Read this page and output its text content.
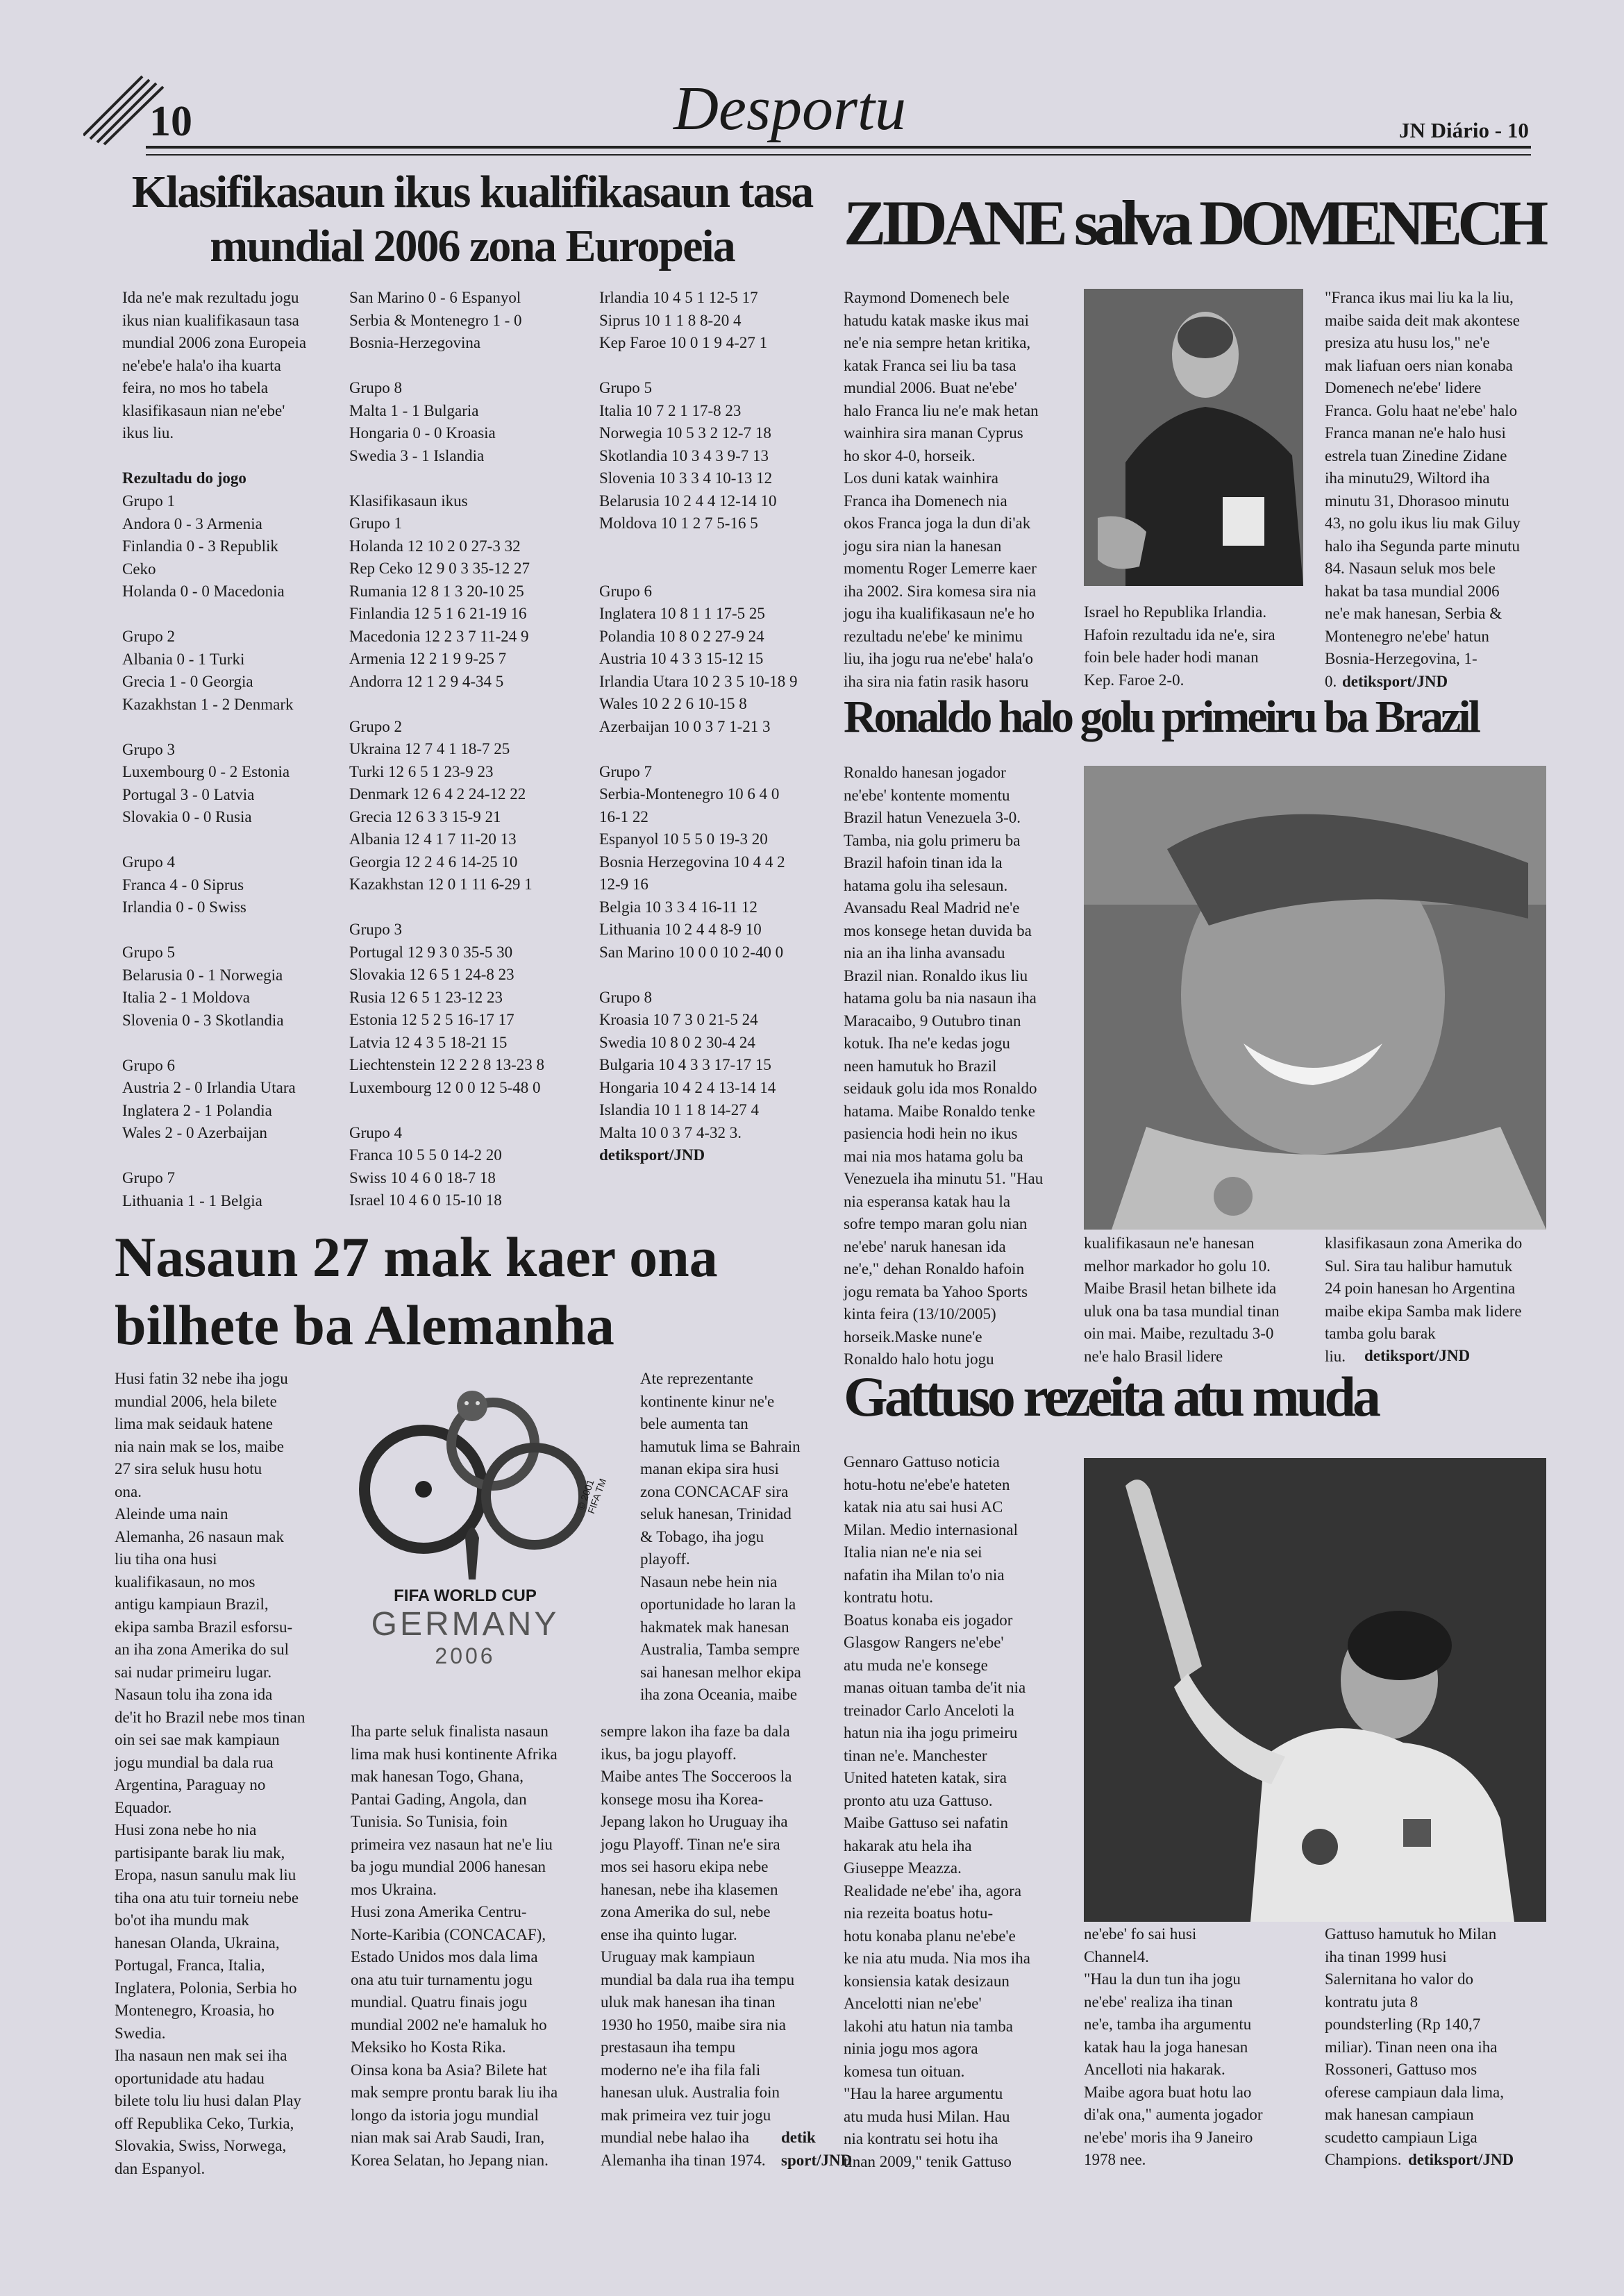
10	Desportu	JN Diário - 10
Klasifikasaun ikus kualifikasaun tasa
mundial 2006 zona Europeia
Ida ne'e mak rezultadu jogu
ikus nian kualifikasaun tasa
mundial 2006 zona Europeia
ne'ebe'e hala'o iha kuarta
feira, no mos ho tabela
klasifikasaun nian ne'ebe'
ikus liu.
Rezultadu do jogo
Grupo 1
Andora 0 - 3 Armenia
Finlandia 0 - 3 Republik
Ceko
Holanda 0 - 0 Macedonia

Grupo 2
Albania 0 - 1 Turki
Grecia 1 - 0 Georgia
Kazakhstan 1 - 2 Denmark

Grupo 3
Luxembourg 0 - 2 Estonia
Portugal 3 - 0 Latvia
Slovakia 0 - 0 Rusia

Grupo 4
Franca 4 - 0 Siprus
Irlandia 0 - 0 Swiss

Grupo 5
Belarusia 0 - 1 Norwegia
Italia 2 - 1 Moldova
Slovenia 0 - 3 Skotlandia

Grupo 6
Austria 2 - 0 Irlandia Utara
Inglatera 2 - 1 Polandia
Wales 2 - 0 Azerbaijan

Grupo 7
Lithuania 1 - 1 Belgia
San Marino 0 - 6 Espanyol
Serbia & Montenegro 1 - 0
Bosnia-Herzegovina

Grupo 8
Malta 1 - 1 Bulgaria
Hongaria 0 - 0 Kroasia
Swedia 3 - 1 Islandia

Klasifikasaun ikus
Grupo 1
Holanda 12 10 2 0 27-3 32
Rep Ceko 12 9 0 3 35-12 27
Rumania 12 8 1 3 20-10 25
Finlandia 12 5 1 6 21-19 16
Macedonia 12 2 3 7 11-24 9
Armenia 12 2 1 9 9-25 7
Andorra 12 1 2 9 4-34 5

Grupo 2
Ukraina 12 7 4 1 18-7 25
Turki 12 6 5 1 23-9 23
Denmark 12 6 4 2 24-12 22
Grecia 12 6 3 3 15-9 21
Albania 12 4 1 7 11-20 13
Georgia 12 2 4 6 14-25 10
Kazakhstan 12 0 1 11 6-29 1

Grupo 3
Portugal 12 9 3 0 35-5 30
Slovakia 12 6 5 1 24-8 23
Rusia 12 6 5 1 23-12 23
Estonia 12 5 2 5 16-17 17
Latvia 12 4 3 5 18-21 15
Liechtenstein 12 2 2 8 13-23 8
Luxembourg 12 0 0 12 5-48 0

Grupo 4
Franca 10 5 5 0 14-2 20
Swiss 10 4 6 0 18-7 18
Israel 10 4 6 0 15-10 18
Irlandia 10 4 5 1 12-5 17
Siprus 10 1 1 8 8-20 4
Kep Faroe 10 0 1 9 4-27 1

Grupo 5
Italia 10 7 2 1 17-8 23
Norwegia 10 5 3 2 12-7 18
Skotlandia 10 3 4 3 9-7 13
Slovenia 10 3 3 4 10-13 12
Belarusia 10 2 4 4 12-14 10
Moldova 10 1 2 7 5-16 5

Grupo 6
Inglatera 10 8 1 1 17-5 25
Polandia 10 8 0 2 27-9 24
Austria 10 4 3 3 15-12 15
Irlandia Utara 10 2 3 5 10-18 9
Wales 10 2 2 6 10-15 8
Azerbaijan 10 0 3 7 1-21 3

Grupo 7
Serbia-Montenegro 10 6 4 0
16-1 22
Espanyol 10 5 5 0 19-3 20
Bosnia Herzegovina 10 4 4 2
12-9 16
Belgia 10 3 3 4 16-11 12
Lithuania 10 2 4 4 8-9 10
San Marino 10 0 0 10 2-40 0

Grupo 8
Kroasia 10 7 3 0 21-5 24
Swedia 10 8 0 2 30-4 24
Bulgaria 10 4 3 3 17-17 15
Hongaria 10 4 2 4 13-14 14
Islandia 10 1 1 8 14-27 4
Malta 10 0 3 7 4-32 3.
detiksport/JND
ZIDANE salva DOMENECH
Raymond Domenech bele
hatudu katak maske ikus mai
ne'e nia sempre hetan kritika,
katak Franca sei liu ba tasa
mundial 2006. Buat ne'ebe'
halo Franca liu ne'e mak hetan
wainhira sira manan Cyprus
ho skor 4-0, horseik.
Los duni katak wainhira
Franca iha Domenech nia
okos Franca joga la dun di'ak
jogu sira nian la hanesan
momentu Roger Lemerre kaer
iha 2002. Sira komesa sira nia
jogu iha kualifikasaun ne'e ho
rezultadu ne'ebe' ke minimu
liu, iha jogu rua ne'ebe' hala'o
iha sira nia fatin rasik hasoru
Israel ho Republika Irlandia.
Hafoin rezultadu ida ne'e, sira
foin bele hader hodi manan
Kep. Faroe 2-0.
"Franca ikus mai liu ka la liu,
maibe saida deit mak akontese
presiza atu husu los," ne'e
mak liafuan oers nian konaba
Domenech ne'ebe' lidere
Franca. Golu haat ne'ebe' halo
Franca manan ne'e halo husi
estrela tuan Zinedine Zidane
iha minutu29, Wiltord iha
minutu 31, Dhorasoo minutu
43, no golu ikus liu mak Giluy
halo iha Segunda parte minutu
84. Nasaun seluk mos bele
hakat ba tasa mundial 2006
ne'e mak hanesan, Serbia &
Montenegro ne'ebe' hatun
Bosnia-Herzegovina, 1-
0. detiksport/JND
Ronaldo halo golu primeiru ba Brazil
Ronaldo hanesan jogador
ne'ebe' kontente momentu
Brazil hatun Venezuela 3-0.
Tamba, nia golu primeru ba
Brazil hafoin tinan ida la
hatama golu iha selesaun.
Avansadu Real Madrid ne'e
mos konsege hetan duvida ba
nia an iha linha avansadu
Brazil nian. Ronaldo ikus liu
hatama golu ba nia nasaun iha
Maracaibo, 9 Outubro tinan
kotuk. Iha ne'e kedas jogu
neen hamutuk ho Brazil
seidauk golu ida mos Ronaldo
hatama. Maibe Ronaldo tenke
pasiencia hodi hein no ikus
mai nia mos hatama golu ba
Venezuela iha minutu 51. "Hau
nia esperansa katak hau la
sofre tempo maran golu nian
ne'ebe' naruk hanesan ida
ne'e," dehan Ronaldo hafoin
jogu remata ba Yahoo Sports
kinta feira (13/10/2005)
horseik.Maske nune'e
Ronaldo halo hotu jogu
kualifikasaun ne'e hanesan
melhor markador ho golu 10.
Maibe Brasil hetan bilhete ida
uluk ona ba tasa mundial tinan
oin mai. Maibe, rezultadu 3-0
ne'e halo Brasil lidere
klasifikasaun zona Amerika do
Sul. Sira tau halibur hamutuk
24 poin hanesan ho Argentina
maibe ekipa Samba mak lidere
tamba golu barak
liu.	detiksport/JND
Nasaun 27 mak kaer ona
bilhete ba Alemanha
Husi fatin 32 nebe iha jogu
mundial 2006, hela bilete
lima mak seidauk hatene
nia nain mak se los, maibe
27 sira seluk husu hotu
ona.
Aleinde uma nain
Alemanha, 26 nasaun mak
liu tiha ona husi
kualifikasaun, no mos
antigu kampiaun Brazil,
ekipa samba Brazil esforsu-
an iha zona Amerika do sul
sai nudar primeiru lugar.
Nasaun tolu iha zona ida
de'it ho Brazil nebe mos tinan
oin sei sae mak kampiaun
jogu mundial ba dala rua
Argentina, Paraguay no
Equador.
Husi zona nebe ho nia
partisipante barak liu mak,
Eropa, nasun sanulu mak liu
tiha ona atu tuir torneiu nebe
bo'ot iha mundu mak
hanesan Olanda, Ukraina,
Portugal, Franca, Italia,
Inglatera, Polonia, Serbia ho
Montenegro, Kroasia, ho
Swedia.
Iha nasaun nen mak sei iha
oportunidade atu hadau
bilete tolu liu husi dalan Play
off Republika Ceko, Turkia,
Slovakia, Swiss, Norwega,
dan Espanyol.
© 2001 FIFA TM
FIFA WORLD CUP
GERMANY
2006
Iha parte seluk finalista nasaun
lima mak husi kontinente Afrika
mak hanesan Togo, Ghana,
Pantai Gading, Angola, dan
Tunisia. So Tunisia, foin
primeira vez nasaun hat ne'e liu
ba jogu mundial 2006 hanesan
mos Ukraina.
Husi zona Amerika Centru-
Norte-Karibia (CONCACAF),
Estado Unidos mos dala lima
ona atu tuir turnamentu jogu
mundial. Quatru finais jogu
mundial 2002 ne'e hamaluk ho
Meksiko ho Kosta Rika.
Oinsa kona ba Asia? Bilete hat
mak sempre prontu barak liu iha
longo da istoria jogu mundial
nian mak sai Arab Saudi, Iran,
Korea Selatan, ho Jepang nian.
Ate reprezentante
kontinente kinur ne'e
bele aumenta tan
hamutuk lima se Bahrain
manan ekipa sira husi
zona CONCACAF sira
seluk hanesan, Trinidad
& Tobago, iha jogu
playoff.
Nasaun nebe hein nia
oportunidade ho laran la
hakmatek mak hanesan
Australia, Tamba sempre
sai hanesan melhor ekipa
iha zona Oceania, maibe
sempre lakon iha faze ba dala
ikus, ba jogu playoff.
Maibe antes The Socceroos la
konsege mosu iha Korea-
Jepang lakon ho Uruguay iha
jogu Playoff. Tinan ne'e sira
mos sei hasoru ekipa nebe
hanesan, nebe iha klasemen
zona Amerika do sul, nebe
ense iha quinto lugar.
Uruguay mak kampiaun
mundial ba dala rua iha tempu
uluk mak hanesan iha tinan
1930 ho 1950, maibe sira nia
prestasaun iha tempu
moderno ne'e iha fila fali
hanesan uluk. Australia foin
mak primeira vez tuir jogu
mundial nebe halao iha
Alemanha iha tinan 1974.
detik
sport/JND
Gattuso rezeita atu muda
Gennaro Gattuso noticia
hotu-hotu ne'ebe'e hateten
katak nia atu sai husi AC
Milan. Medio internasional
Italia nian ne'e nia sei
nafatin iha Milan to'o nia
kontratu hotu.
Boatus konaba eis jogador
Glasgow Rangers ne'ebe'
atu muda ne'e konsege
manas oituan tamba de'it nia
treinador Carlo Anceloti la
hatun nia iha jogu primeiru
tinan ne'e. Manchester
United hateten katak, sira
pronto atu uza Gattuso.
Maibe Gattuso sei nafatin
hakarak atu hela iha
Giuseppe Meazza.
Realidade ne'ebe' iha, agora
nia rezeita boatus hotu-
hotu konaba planu ne'ebe'e
ke nia atu muda. Nia mos iha
konsiensia katak desizaun
Ancelotti nian ne'ebe'
lakohi atu hatun nia tamba
ninia jogu mos agora
komesa tun oituan.
"Hau la haree argumentu
atu muda husi Milan. Hau
nia kontratu sei hotu iha
tinan 2009," tenik Gattuso
ne'ebe' fo sai husi
Channel4.
"Hau la dun tun iha jogu
ne'ebe' realiza iha tinan
ne'e, tamba iha argumentu
katak hau la joga hanesan
Ancelloti nia hakarak.
Maibe agora buat hotu lao
di'ak ona," aumenta jogador
ne'ebe' moris iha 9 Janeiro
1978 nee.
Gattuso hamutuk ho Milan
iha tinan 1999 husi
Salernitana ho valor do
kontratu juta 8
poundsterling (Rp 140,7
miliar). Tinan neen ona iha
Rossoneri, Gattuso mos
oferese campiaun dala lima,
mak hanesan campiaun
scudetto campiaun Liga
Champions. detiksport/JND
